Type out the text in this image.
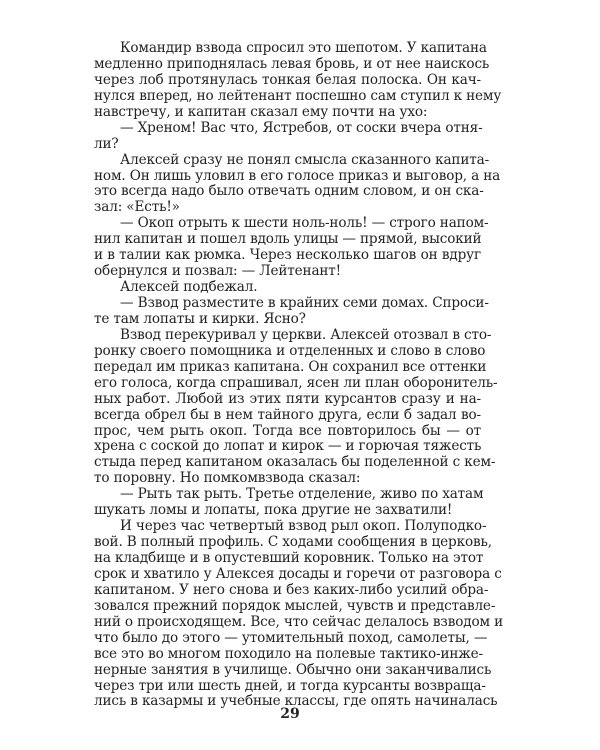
Командир взвода спросил это шепотом. У капитана
медленно приподнялась левая бровь, и от нее наискось
через лоб протянулась тонкая белая полоска. Он кач-
нулся вперед, но лейтенант поспешно сам ступил к нему
навстречу, и капитан сказал ему почти на ухо:
— Хреном! Вас что, Ястребов, от соски вчера отня-
ли?
Алексей сразу не понял смысла сказанного капита-
ном. Он лишь уловил в его голосе приказ и выговор, а на
это всегда надо было отвечать одним словом, и он ска-
зал: «Есть!»
— Окоп отрыть к шести ноль-ноль! — строго напом-
нил капитан и пошел вдоль улицы — прямой, высокий
и в талии как рюмка. Через несколько шагов он вдруг
обернулся и позвал: — Лейтенант!
Алексей подбежал.
— Взвод разместите в крайних семи домах. Спроси-
те там лопаты и кирки. Ясно?
Взвод перекуривал у церкви. Алексей отозвал в сто-
ронку своего помощника и отделенных и слово в слово
передал им приказ капитана. Он сохранил все оттенки
его голоса, когда спрашивал, ясен ли план оборонитель-
ных работ. Любой из этих пяти курсантов сразу и на-
всегда обрел бы в нем тайного друга, если б задал во-
прос, чем рыть окоп. Тогда все повторилось бы — от
хрена с соской до лопат и кирок — и горючая тяжесть
стыда перед капитаном оказалась бы поделенной с кем-
то поровну. Но помкомвзвода сказал:
— Рыть так рыть. Третье отделение, живо по хатам
шукать ломы и лопаты, пока другие не захватили!
И через час четвертый взвод рыл окоп. Полуподко-
вой. В полный профиль. С ходами сообщения в церковь,
на кладбище и в опустевший коровник. Только на этот
срок и хватило у Алексея досады и горечи от разговора с
капитаном. У него снова и без каких-либо усилий обра-
зовался прежний порядок мыслей, чувств и представле-
ний о происходящем. Все, что сейчас делалось взводом и
что было до этого — утомительный поход, самолеты, —
все это во многом походило на полевые тактико-инже-
нерные занятия в училище. Обычно они заканчивались
через три или шесть дней, и тогда курсанты возвраща-
лись в казармы и учебные классы, где опять начиналась
29
